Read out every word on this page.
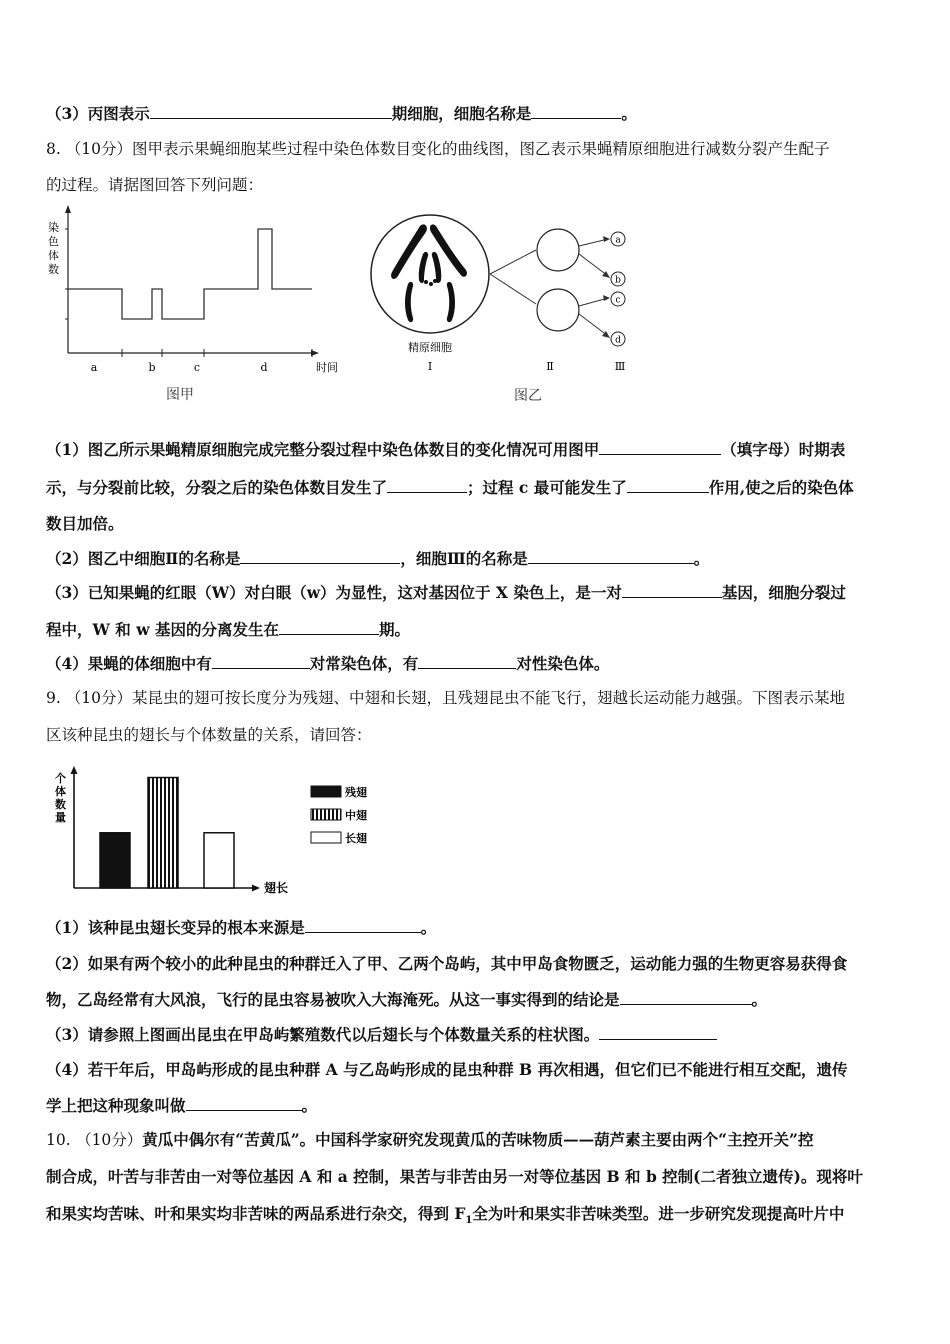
（3）丙图表示	期细胞，细胞名称是	。
8. （10分）图甲表示果蝇细胞某些过程中染色体数目变化的曲线图，图乙表示果蝇精原细胞进行减数分裂产生配子
的过程。请据图回答下列问题：
染
色
体
数
a	b	c	d	时间
图甲
a
b
c
d
精原细胞
Ⅰ	Ⅱ	Ⅲ
图乙
（1）图乙所示果蝇精原细胞完成完整分裂过程中染色体数目的变化情况可用图甲	（填字母）时期表
示，与分裂前比较，分裂之后的染色体数目发生了	；过程 c 最可能发生了	作用,使之后的染色体
数目加倍。
（2）图乙中细胞Ⅱ的名称是	，细胞Ⅲ的名称是	。
（3）已知果蝇的红眼（W）对白眼（w）为显性，这对基因位于 X 染色上，是一对	基因，细胞分裂过
程中，W 和 w 基因的分离发生在	期。
（4）果蝇的体细胞中有	对常染色体，有	对性染色体。
9. （10分）某昆虫的翅可按长度分为残翅、中翅和长翅，且残翅昆虫不能飞行，翅越长运动能力越强。下图表示某地
区该种昆虫的翅长与个体数量的关系，请回答：
个
体
数
量
翅长
残翅
中翅
长翅
（1）该种昆虫翅长变异的根本来源是	。
（2）如果有两个较小的此种昆虫的种群迁入了甲、乙两个岛屿，其中甲岛食物匮乏，运动能力强的生物更容易获得食
物，乙岛经常有大风浪，飞行的昆虫容易被吹入大海淹死。从这一事实得到的结论是	。
（3）请参照上图画出昆虫在甲岛屿繁殖数代以后翅长与个体数量关系的柱状图。
（4）若干年后，甲岛屿形成的昆虫种群 A 与乙岛屿形成的昆虫种群 B 再次相遇，但它们已不能进行相互交配，遗传
学上把这种现象叫做	。
10. （10分）黄瓜中偶尔有“苦黄瓜”。中国科学家研究发现黄瓜的苦味物质——葫芦素主要由两个“主控开关”控
制合成，叶苦与非苦由一对等位基因 A 和 a 控制，果苦与非苦由另一对等位基因 B 和 b 控制(二者独立遗传)。现将叶
和果实均苦味、叶和果实均非苦味的两品系进行杂交，得到 $F_1$全为叶和果实非苦味类型。进一步研究发现提高叶片中
